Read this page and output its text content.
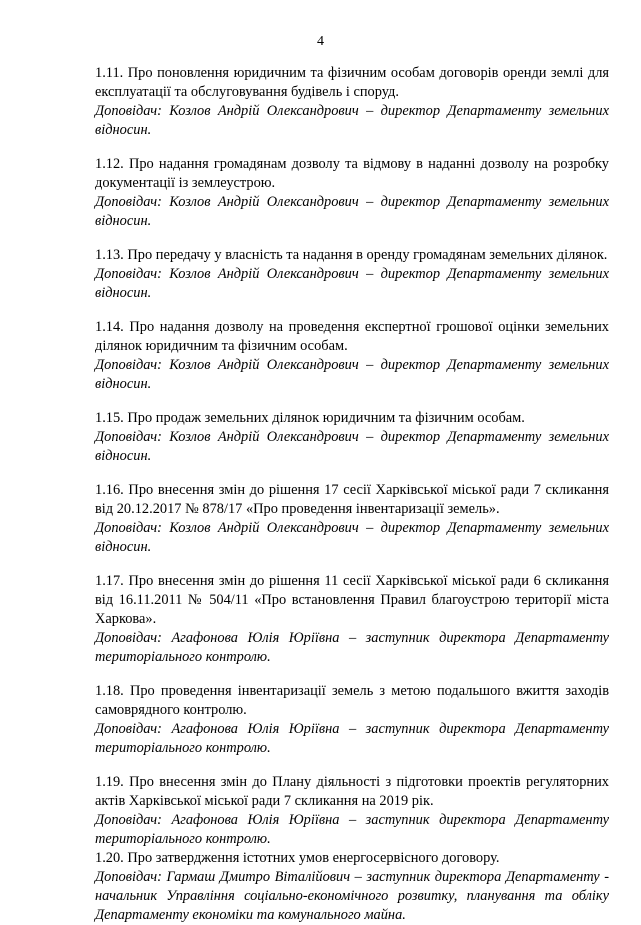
4

1.11. Про поновлення юридичним та фізичним особам договорів оренди землі для експлуатації та обслуговування будівель і споруд.

Доповідач: Козлов Андрій Олександрович – директор Департаменту земельних відносин.

1.12. Про надання громадянам дозволу та відмову в наданні дозволу на розробку документації із землеустрою.

Доповідач: Козлов Андрій Олександрович – директор Департаменту земельних відносин.

1.13. Про передачу у власність та надання в оренду громадянам земельних ділянок.

Доповідач: Козлов Андрій Олександрович – директор Департаменту земельних відносин.

1.14. Про надання дозволу на проведення експертної грошової оцінки земельних ділянок юридичним та фізичним особам.

Доповідач: Козлов Андрій Олександрович – директор Департаменту земельних відносин.

1.15. Про продаж земельних ділянок юридичним та фізичним особам.

Доповідач: Козлов Андрій Олександрович – директор Департаменту земельних відносин.

1.16. Про внесення змін до рішення 17 сесії Харківської міської ради 7 скликання від 20.12.2017 № 878/17 «Про проведення інвентаризації земель».

Доповідач: Козлов Андрій Олександрович – директор Департаменту земельних відносин.

1.17. Про внесення змін до рішення 11 сесії Харківської міської ради 6 скликання від 16.11.2011 № 504/11 «Про встановлення Правил благоустрою території міста Харкова».

Доповідач: Агафонова Юлія Юріївна – заступник директора Департаменту територіального контролю.

1.18. Про проведення інвентаризації земель з метою подальшого вжиття заходів самоврядного контролю.

Доповідач: Агафонова Юлія Юріївна – заступник директора Департаменту територіального контролю.

1.19. Про внесення змін до Плану діяльності з підготовки проектів регуляторних актів Харківської міської ради 7 скликання на 2019 рік.

Доповідач: Агафонова Юлія Юріївна – заступник директора Департаменту територіального контролю.

1.20. Про затвердження істотних умов енергосервісного договору.

Доповідач: Гармаш Дмитро Віталійович – заступник директора Департаменту - начальник Управління соціально-економічного розвитку, планування та обліку Департаменту економіки та комунального майна.
